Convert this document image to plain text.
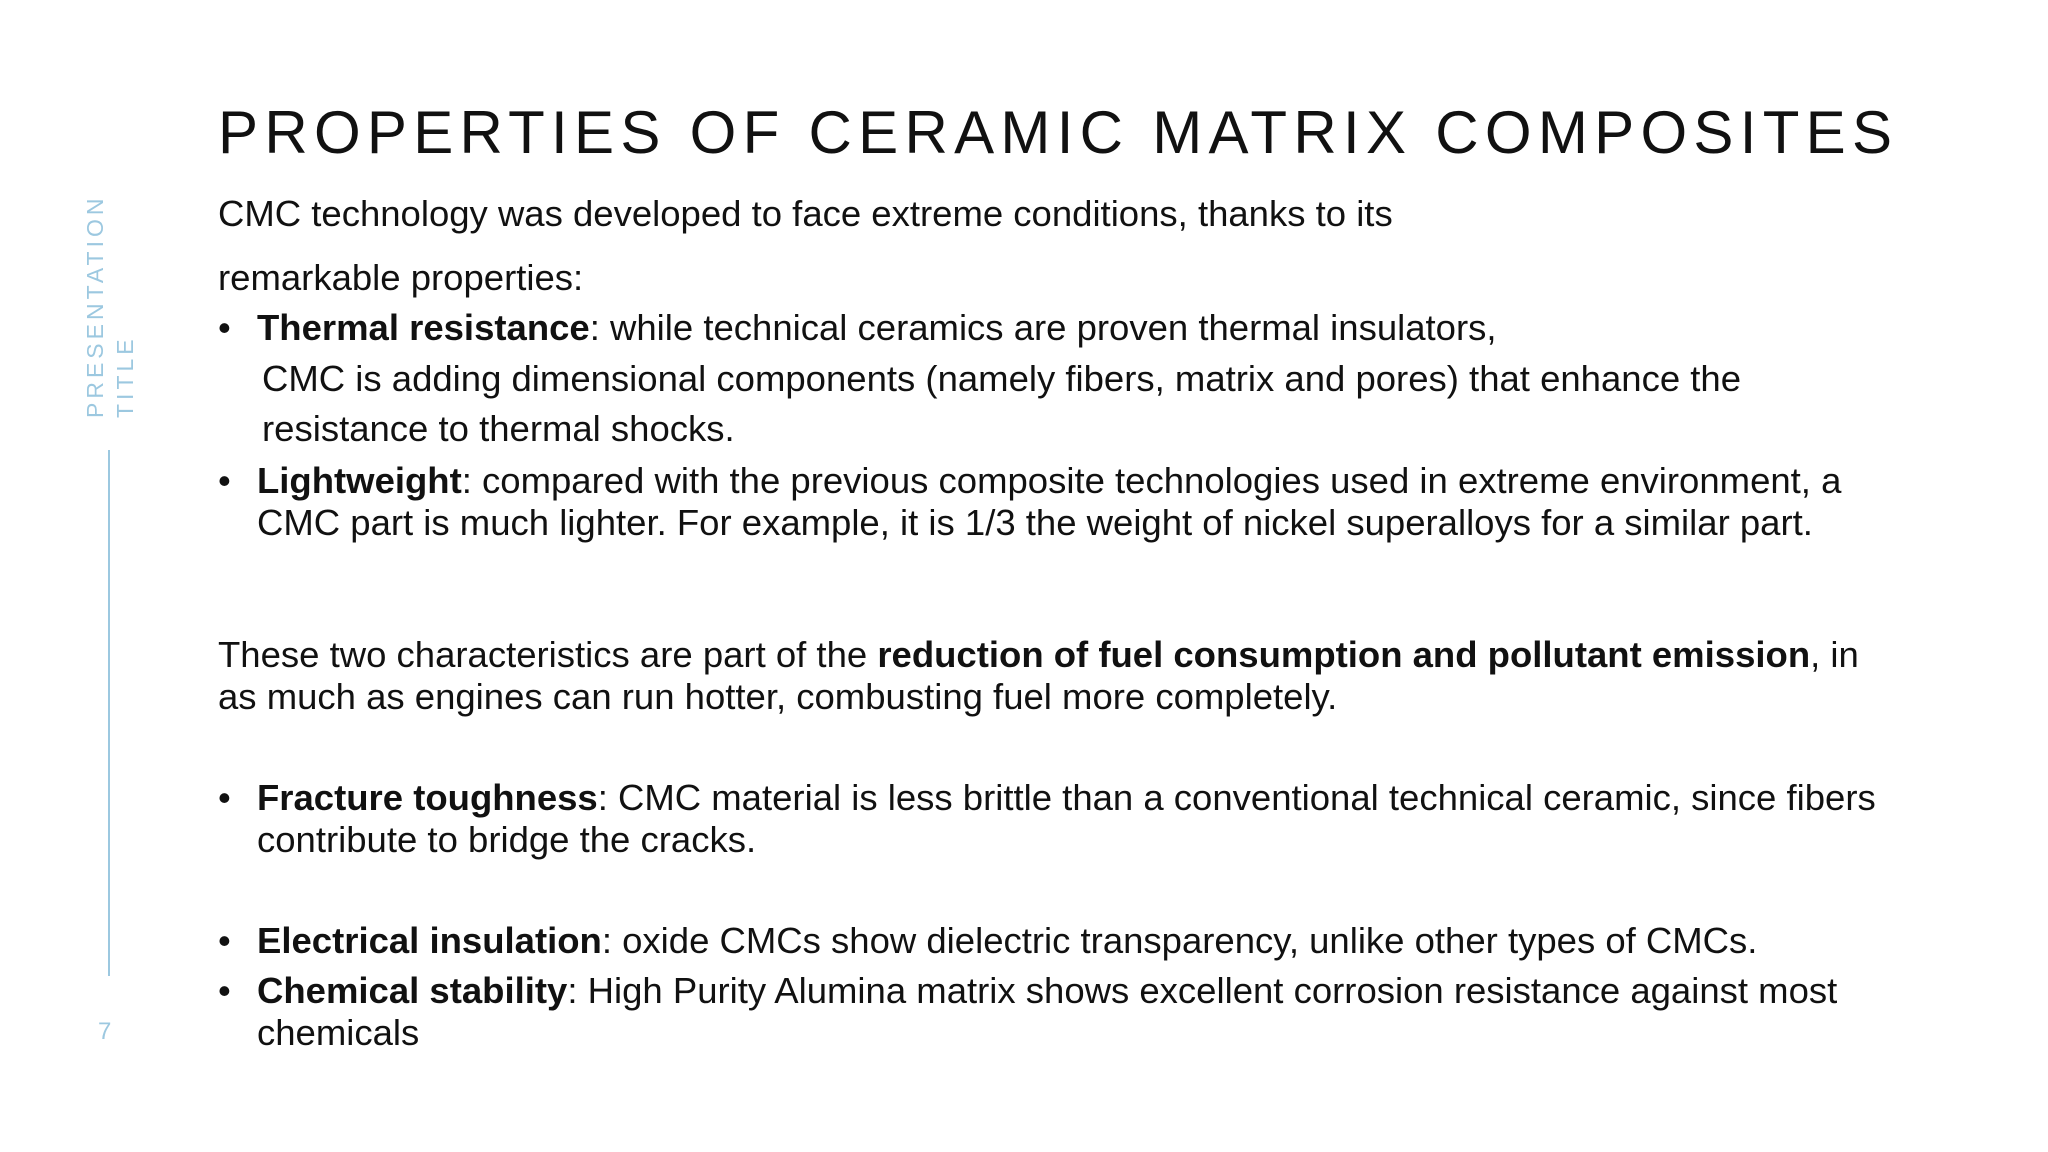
PRESENTATION TITLE
7
PROPERTIES OF CERAMIC MATRIX COMPOSITES

CMC technology was developed to face extreme conditions, thanks to its

remarkable properties:

• Thermal resistance: while technical ceramics are proven thermal insulators,
CMC is adding dimensional components (namely fibers, matrix and pores) that enhance the
resistance to thermal shocks.
• Lightweight: compared with the previous composite technologies used in extreme environment, a CMC part is much lighter. For example, it is 1/3 the weight of nickel superalloys for a similar part.

These two characteristics are part of the reduction of fuel consumption and pollutant emission, in as much as engines can run hotter, combusting fuel more completely.

• Fracture toughness: CMC material is less brittle than a conventional technical ceramic, since fibers contribute to bridge the cracks.
• Electrical insulation: oxide CMCs show dielectric transparency, unlike other types of CMCs.
• Chemical stability: High Purity Alumina matrix shows excellent corrosion resistance against most chemicals
